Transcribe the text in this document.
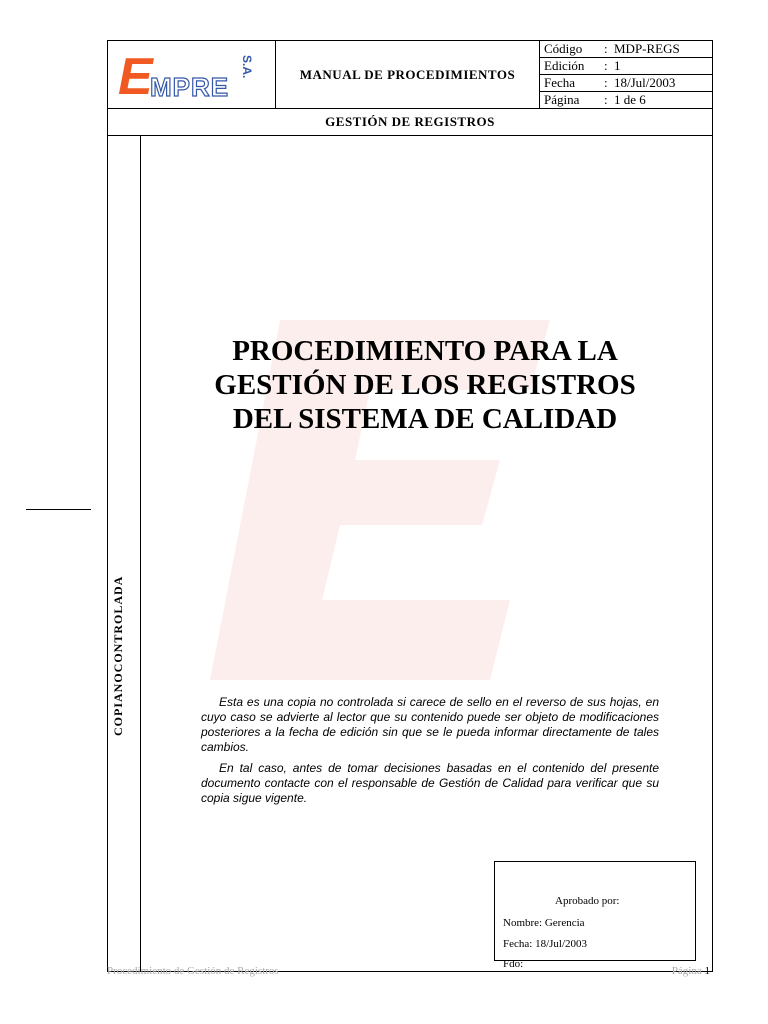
E
MPRE
S.A.	MANUAL DE PROCEDIMIENTOS
Código : MDP-REGS
Edición : 1
Fecha : 18/Jul/2003
Página : 1 de 6
GESTIÓN DE REGISTROS
COPIANOCONTROLADA
PROCEDIMIENTO PARA LA GESTIÓN DE LOS REGISTROS DEL SISTEMA DE CALIDAD

Esta es una copia no controlada si carece de sello en el reverso de sus hojas, en cuyo caso se advierte al lector que su contenido puede ser objeto de modificaciones posteriores a la fecha de edición sin que se le pueda informar directamente de tales cambios.

En tal caso, antes de tomar decisiones basadas en el contenido del presente documento contacte con el responsable de Gestión de Calidad para verificar que su copia sigue vigente.

Aprobado por:
Nombre: Gerencia
Fecha: 18/Jul/2003
Fdo:
Procedimiento de Gestión de Registros	Página 1
